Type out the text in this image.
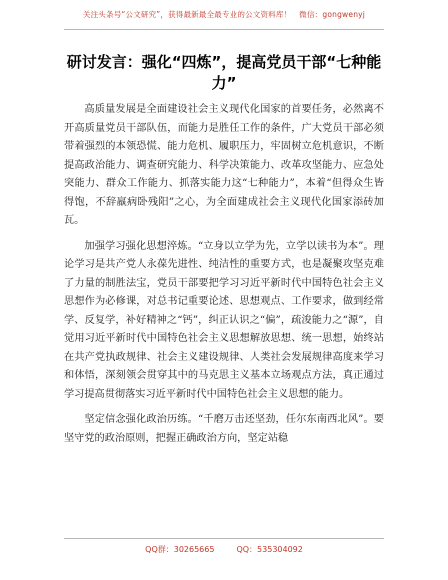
关注头条号“公文研究”，获得最新最全最专业的公文资料库！ 微信：gongwenyj
研讨发言：强化“四炼”，提高党员干部“七种能力”

高质量发展是全面建设社会主义现代化国家的首要任务，必然离不开高质量党员干部队伍，而能力是胜任工作的条件，广大党员干部必须带着强烈的本领恐慌、能力危机、履职压力，牢固树立危机意识，不断提高政治能力、调查研究能力、科学决策能力、改革攻坚能力、应急处突能力、群众工作能力、抓落实能力这“七种能力”，本着“但得众生皆得饱，不辞羸病卧残阳”之心，为全面建成社会主义现代化国家添砖加瓦。

加强学习强化思想淬炼。“立身以立学为先，立学以读书为本”。理论学习是共产党人永葆先进性、纯洁性的重要方式，也是凝聚攻坚克难了力量的制胜法宝，党员干部要把学习习近平新时代中国特色社会主义思想作为必修课，对总书记重要论述、思想观点、工作要求，做到经常学、反复学，补好精神之“钙”，纠正认识之“偏”，疏浚能力之“源”，自觉用习近平新时代中国特色社会主义思想解放思想、统一思想，始终站在共产党执政规律、社会主义建设规律、人类社会发展规律高度来学习和体悟，深刻领会贯穿其中的马克思主义基本立场观点方法，真正通过学习提高贯彻落实习近平新时代中国特色社会主义思想的能力。

坚定信念强化政治历练。“千磨万击还坚劲，任尔东南西北风”。要坚守党的政治原则，把握正确政治方向，坚定站稳

QQ群：30265665	QQ：535304092
